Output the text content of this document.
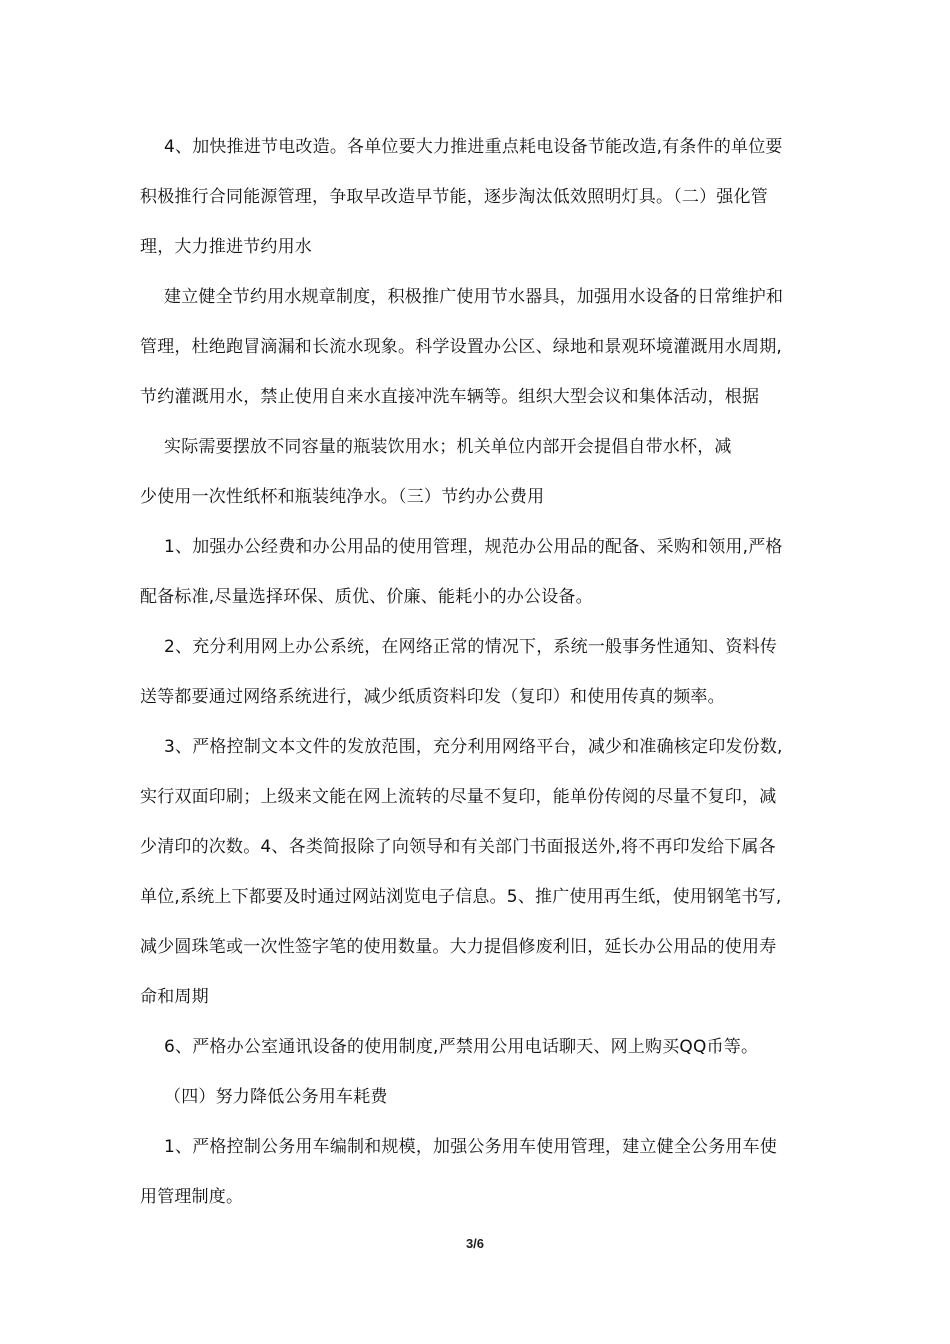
4、加快推进节电改造。各单位要大力推进重点耗电设备节能改造,有条件的单位要
积极推行合同能源管理，争取早改造早节能，逐步淘汰低效照明灯具。（二）强化管
理，大力推进节约用水
建立健全节约用水规章制度，积极推广使用节水器具，加强用水设备的日常维护和
管理，杜绝跑冒滴漏和长流水现象。科学设置办公区、绿地和景观环境灌溉用水周期,
节约灌溉用水，禁止使用自来水直接冲洗车辆等。组织大型会议和集体活动，根据
实际需要摆放不同容量的瓶装饮用水；机关单位内部开会提倡自带水杯，减
少使用一次性纸杯和瓶装纯净水。（三）节约办公费用
1、加强办公经费和办公用品的使用管理，规范办公用品的配备、采购和领用,严格
配备标准,尽量选择环保、质优、价廉、能耗小的办公设备。
2、充分利用网上办公系统，在网络正常的情况下，系统一般事务性通知、资料传
送等都要通过网络系统进行，减少纸质资料印发（复印）和使用传真的频率。
3、严格控制文本文件的发放范围，充分利用网络平台，减少和准确核定印发份数,
实行双面印刷；上级来文能在网上流转的尽量不复印，能单份传阅的尽量不复印，减
少清印的次数。4、各类简报除了向领导和有关部门书面报送外,将不再印发给下属各
单位,系统上下都要及时通过网站浏览电子信息。5、推广使用再生纸，使用钢笔书写,
减少圆珠笔或一次性签字笔的使用数量。大力提倡修废利旧，延长办公用品的使用寿
命和周期
6、严格办公室通讯设备的使用制度,严禁用公用电话聊天、网上购买QQ币等。
（四）努力降低公务用车耗费
1、严格控制公务用车编制和规模，加强公务用车使用管理，建立健全公务用车使
用管理制度。
3/6
